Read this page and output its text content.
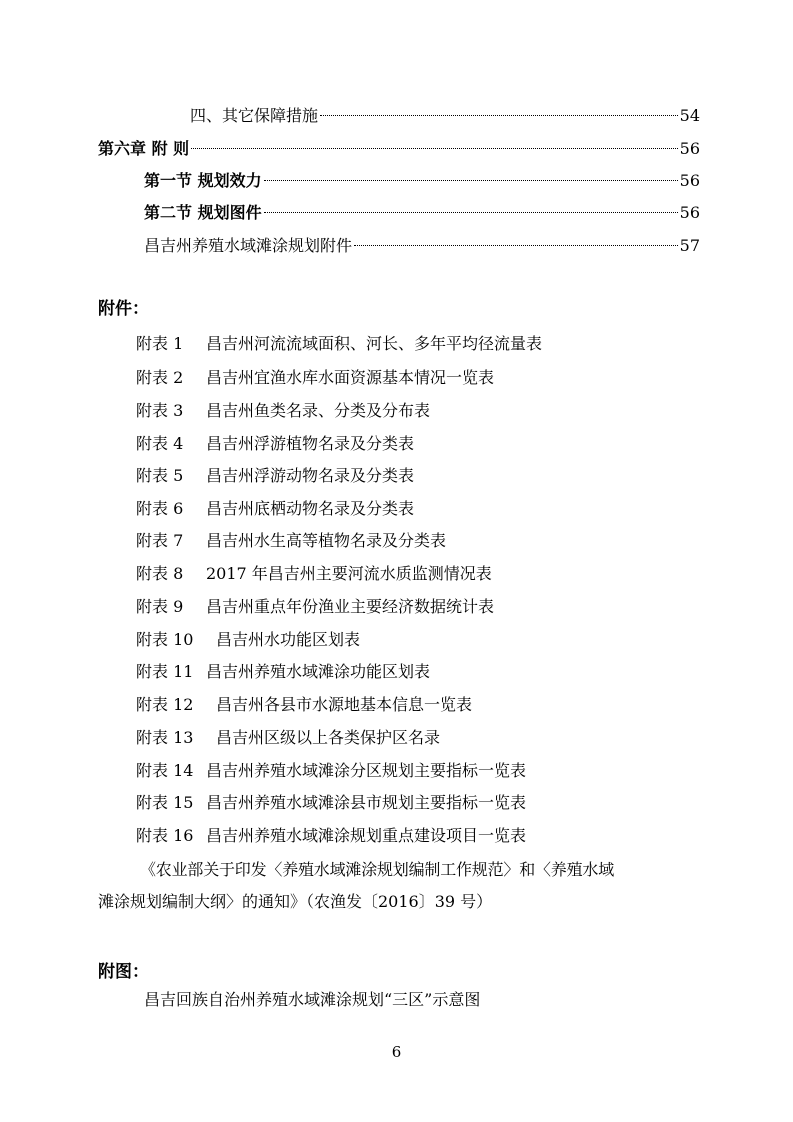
四、其它保障措施	54
第六章 附 则	56
第一节 规划效力	56
第二节 规划图件	56
昌吉州养殖水域滩涂规划附件	57
附件：
附表 1 昌吉州河流流域面积、河长、多年平均径流量表
附表 2 昌吉州宜渔水库水面资源基本情况一览表
附表 3 昌吉州鱼类名录、分类及分布表
附表 4 昌吉州浮游植物名录及分类表
附表 5 昌吉州浮游动物名录及分类表
附表 6 昌吉州底栖动物名录及分类表
附表 7 昌吉州水生高等植物名录及分类表
附表 8 2017 年昌吉州主要河流水质监测情况表
附表 9 昌吉州重点年份渔业主要经济数据统计表
附表 10 昌吉州水功能区划表
附表 11 昌吉州养殖水域滩涂功能区划表
附表 12 昌吉州各县市水源地基本信息一览表
附表 13 昌吉州区级以上各类保护区名录
附表 14 昌吉州养殖水域滩涂分区规划主要指标一览表
附表 15 昌吉州养殖水域滩涂县市规划主要指标一览表
附表 16 昌吉州养殖水域滩涂规划重点建设项目一览表
《农业部关于印发〈养殖水域滩涂规划编制工作规范〉和〈养殖水域
滩涂规划编制大纲〉的通知》（农渔发〔2016〕39 号）
附图：
昌吉回族自治州养殖水域滩涂规划“三区”示意图
6
